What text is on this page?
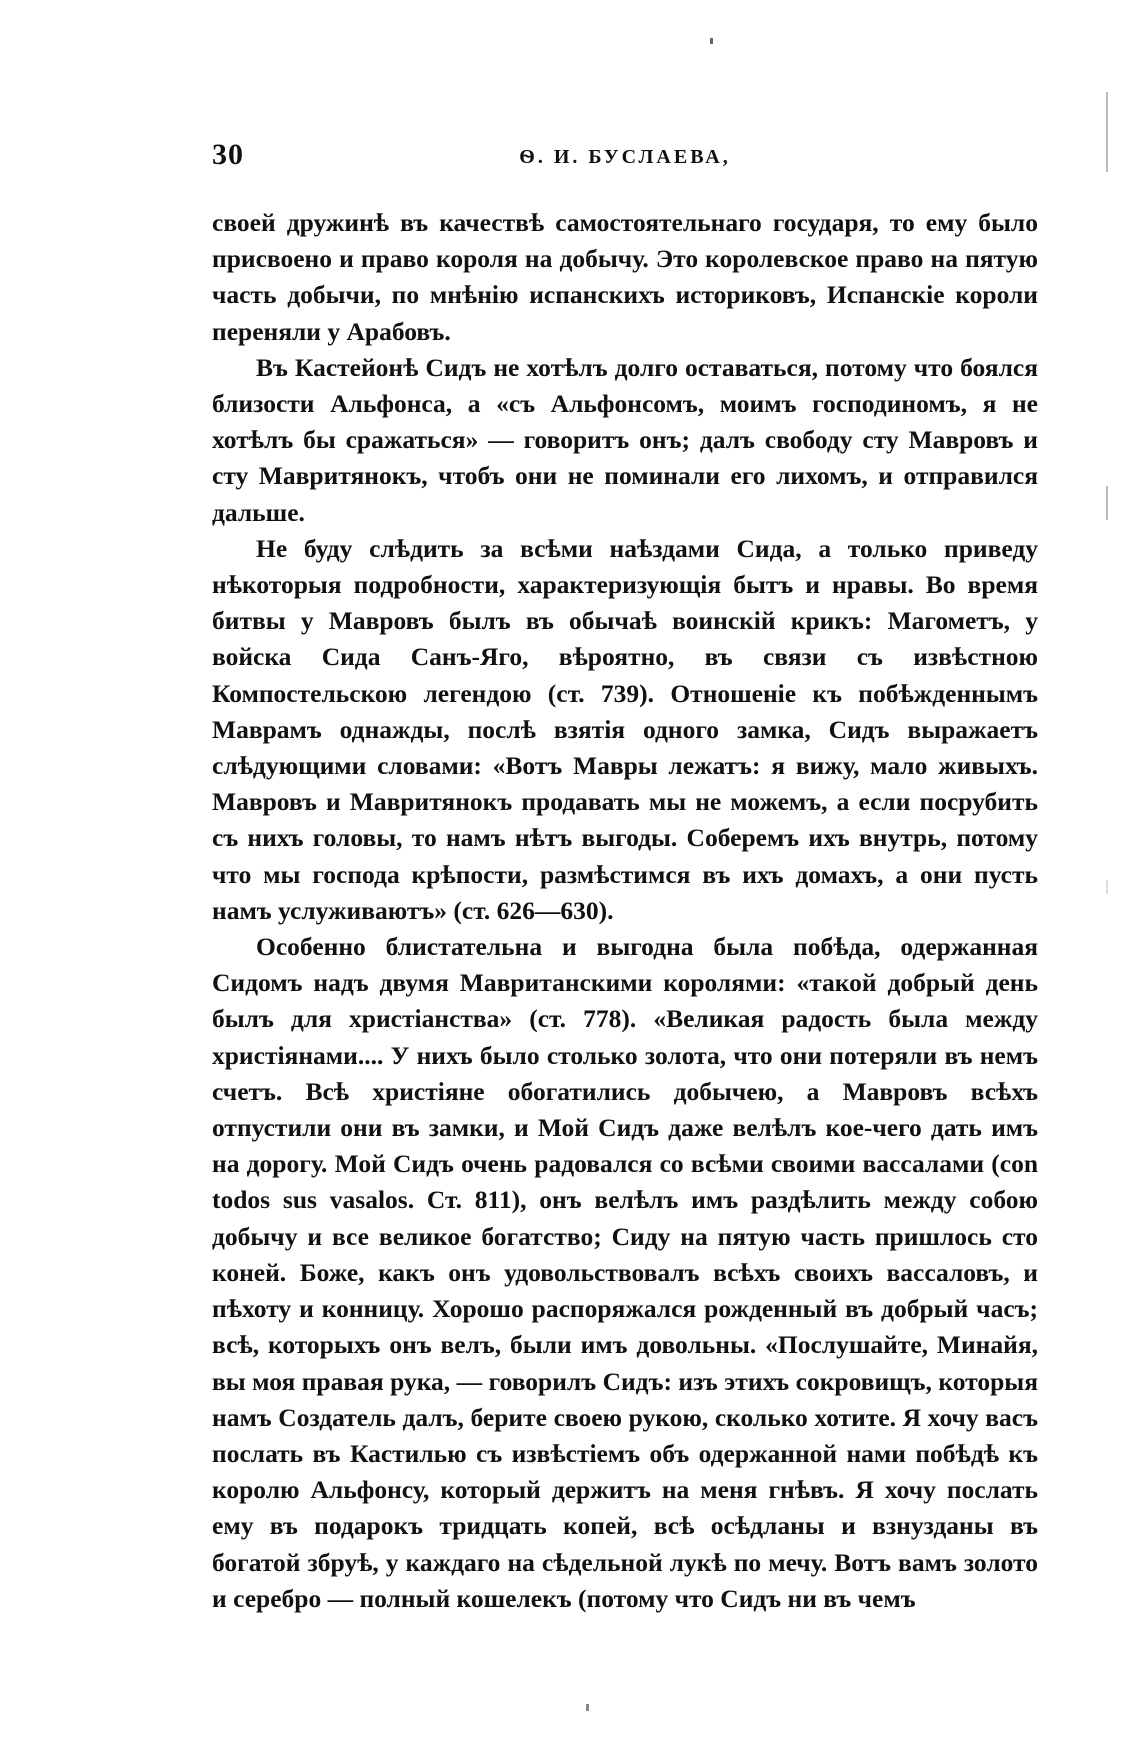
30	Ѳ. И. БУСЛАЕВА,

своей дружинѣ въ качествѣ самостоятельнаго государя, то ему было присвоено и право короля на добычу. Это королевское право на пятую часть добычи, по мнѣнію испанскихъ историковъ, Испанскіе короли переняли у Арабовъ.

Въ Кастейонѣ Сидъ не хотѣлъ долго оставаться, потому что боялся близости Альфонса, а «съ Альфонсомъ, моимъ господиномъ, я не хотѣлъ бы сражаться» — говоритъ онъ; далъ свободу сту Мавровъ и сту Мавритянокъ, чтобъ они не поминали его лихомъ, и отправился дальше.

Не буду слѣдить за всѣми наѣздами Сида, а только приведу нѣкоторыя подробности, характеризующія бытъ и нравы. Во время битвы у Мавровъ былъ въ обычаѣ воинскій крикъ: Магометъ, у войска Сида Санъ-Яго, вѣроятно, въ связи съ извѣстною Компостельскою легендою (ст. 739). Отношеніе къ побѣжденнымъ Маврамъ однажды, послѣ взятія одного замка, Сидъ выражаетъ слѣдующими словами: «Вотъ Мавры лежатъ: я вижу, мало живыхъ. Мавровъ и Мавритянокъ продавать мы не можемъ, а если посрубить съ нихъ головы, то намъ нѣтъ выгоды. Соберемъ ихъ внутрь, потому что мы господа крѣпости, размѣстимся въ ихъ домахъ, а они пусть намъ услуживаютъ» (ст. 626—630).

Особенно блистательна и выгодна была побѣда, одержанная Сидомъ надъ двумя Мавританскими королями: «такой добрый день былъ для христіанства» (ст. 778). «Великая радость была между христіянами.... У нихъ было столько золота, что они потеряли въ немъ счетъ. Всѣ христіяне обогатились добычею, а Мавровъ всѣхъ отпустили они въ замки, и Мой Сидъ даже велѣлъ кое-чего дать имъ на дорогу. Мой Сидъ очень радовался со всѣми своими вассалами (con todos sus vasalos. Ст. 811), онъ велѣлъ имъ раздѣлить между собою добычу и все великое богатство; Сиду на пятую часть пришлось сто коней. Боже, какъ онъ удовольствовалъ всѣхъ своихъ вассаловъ, и пѣхоту и конницу. Хорошо распоряжался рожденный въ добрый часъ; всѣ, которыхъ онъ велъ, были имъ довольны. «Послушайте, Минайя, вы моя правая рука, — говорилъ Сидъ: изъ этихъ сокровищъ, которыя намъ Создатель далъ, берите своею рукою, сколько хотите. Я хочу васъ послать въ Кастилью съ извѣстіемъ объ одержанной нами побѣдѣ къ королю Альфонсу, который держитъ на меня гнѣвъ. Я хочу послать ему въ подарокъ тридцать копей, всѣ осѣдланы и взнузданы въ богатой збруѣ, у каждаго на сѣдельной лукѣ по мечу. Вотъ вамъ золото и серебро — полный кошелекъ (потому что Сидъ ни въ чемъ
